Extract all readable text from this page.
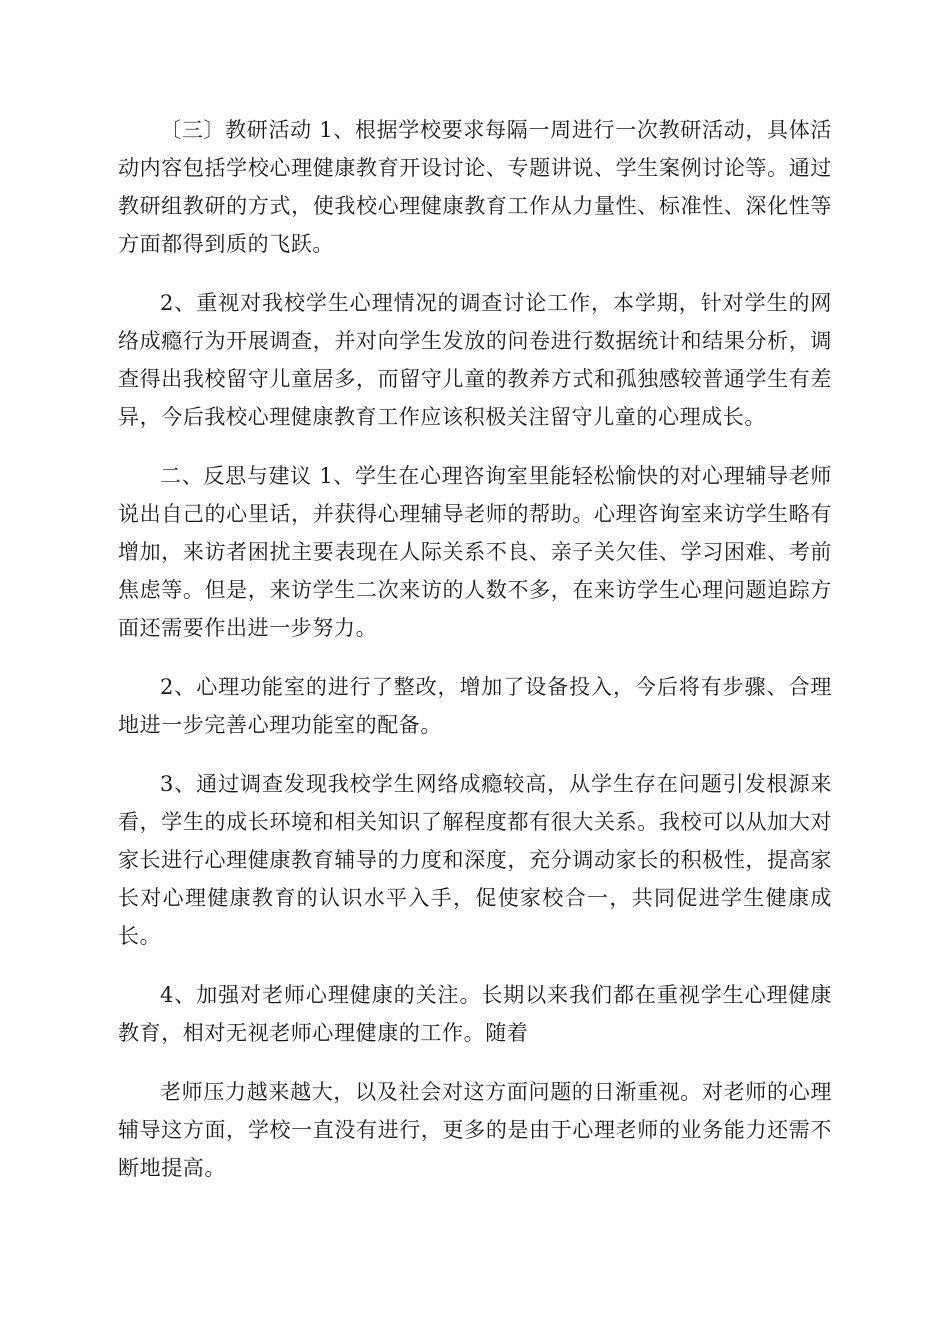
〔三〕教研活动 1、根据学校要求每隔一周进行一次教研活动，具体活动内容包括学校心理健康教育开设讨论、专题讲说、学生案例讨论等。通过教研组教研的方式，使我校心理健康教育工作从力量性、标准性、深化性等方面都得到质的飞跃。

2、重视对我校学生心理情况的调查讨论工作，本学期，针对学生的网络成瘾行为开展调查，并对向学生发放的问卷进行数据统计和结果分析，调查得出我校留守儿童居多，而留守儿童的教养方式和孤独感较普通学生有差异，今后我校心理健康教育工作应该积极关注留守儿童的心理成长。

二、反思与建议 1、学生在心理咨询室里能轻松愉快的对心理辅导老师说出自己的心里话，并获得心理辅导老师的帮助。心理咨询室来访学生略有增加，来访者困扰主要表现在人际关系不良、亲子关欠佳、学习困难、考前焦虑等。但是，来访学生二次来访的人数不多，在来访学生心理问题追踪方面还需要作出进一步努力。

2、心理功能室的进行了整改，增加了设备投入，今后将有步骤、合理地进一步完善心理功能室的配备。

3、通过调查发现我校学生网络成瘾较高，从学生存在问题引发根源来看，学生的成长环境和相关知识了解程度都有很大关系。我校可以从加大对家长进行心理健康教育辅导的力度和深度，充分调动家长的积极性，提高家长对心理健康教育的认识水平入手，促使家校合一，共同促进学生健康成长。

4、加强对老师心理健康的关注。长期以来我们都在重视学生心理健康教育，相对无视老师心理健康的工作。随着

老师压力越来越大，以及社会对这方面问题的日渐重视。对老师的心理辅导这方面，学校一直没有进行，更多的是由于心理老师的业务能力还需不断地提高。
